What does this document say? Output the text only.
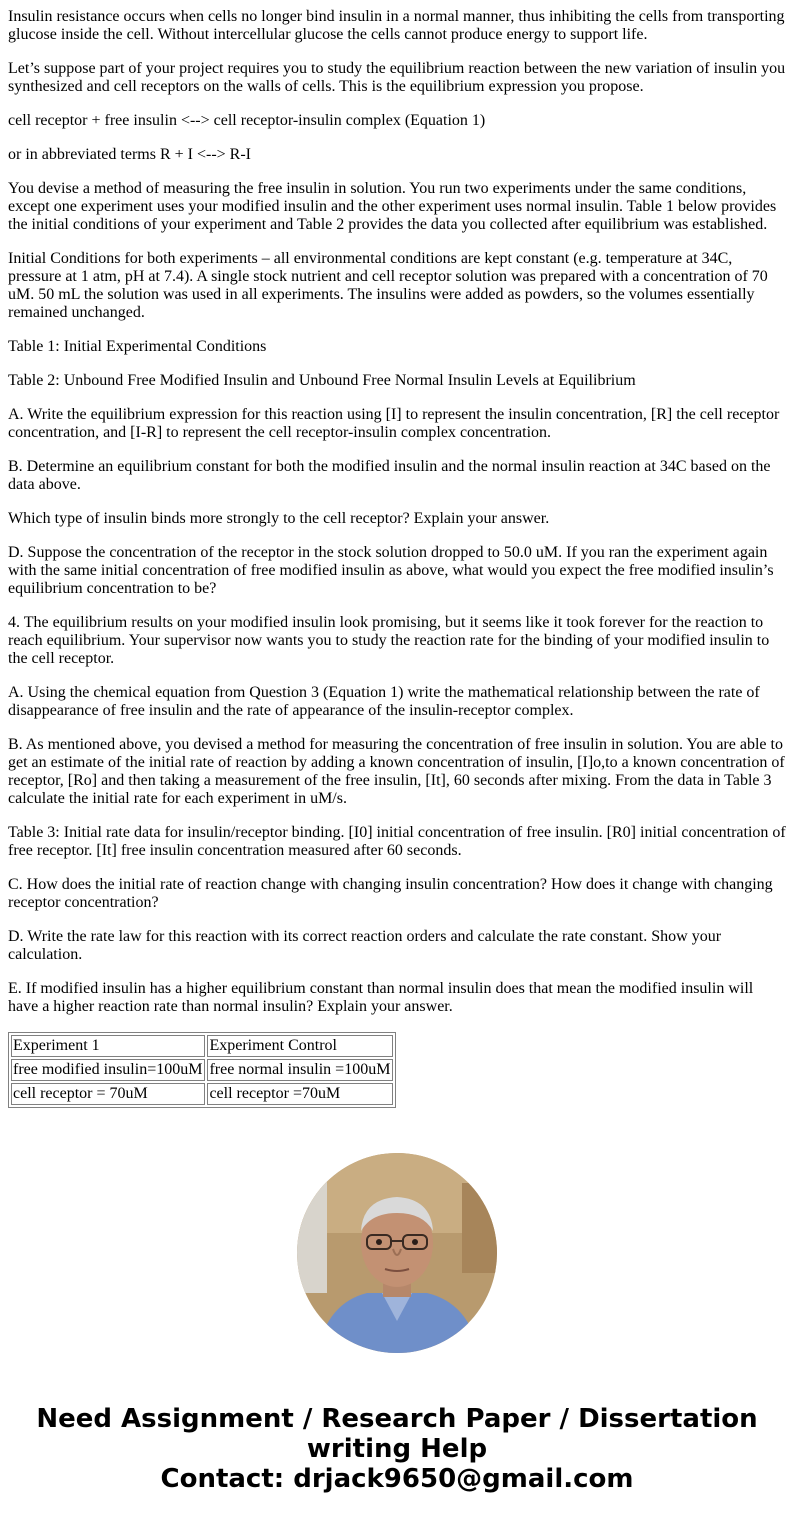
Insulin resistance occurs when cells no longer bind insulin in a normal manner, thus inhibiting the cells from transporting glucose inside the cell. Without intercellular glucose the cells cannot produce energy to support life.

Let’s suppose part of your project requires you to study the equilibrium reaction between the new variation of insulin you synthesized and cell receptors on the walls of cells. This is the equilibrium expression you propose.

cell receptor + free insulin <--> cell receptor-insulin complex (Equation 1)

or in abbreviated terms R + I <--> R-I

You devise a method of measuring the free insulin in solution. You run two experiments under the same conditions, except one experiment uses your modified insulin and the other experiment uses normal insulin. Table 1 below provides the initial conditions of your experiment and Table 2 provides the data you collected after equilibrium was established.

Initial Conditions for both experiments – all environmental conditions are kept constant (e.g. temperature at 34C, pressure at 1 atm, pH at 7.4). A single stock nutrient and cell receptor solution was prepared with a concentration of 70 uM. 50 mL the solution was used in all experiments. The insulins were added as powders, so the volumes essentially remained unchanged.

Table 1: Initial Experimental Conditions

Table 2: Unbound Free Modified Insulin and Unbound Free Normal Insulin Levels at Equilibrium

A. Write the equilibrium expression for this reaction using [I] to represent the insulin concentration, [R] the cell receptor concentration, and [I-R] to represent the cell receptor-insulin complex concentration.

B. Determine an equilibrium constant for both the modified insulin and the normal insulin reaction at 34C based on the data above.

Which type of insulin binds more strongly to the cell receptor? Explain your answer.

D. Suppose the concentration of the receptor in the stock solution dropped to 50.0 uM. If you ran the experiment again with the same initial concentration of free modified insulin as above, what would you expect the free modified insulin’s equilibrium concentration to be?

4. The equilibrium results on your modified insulin look promising, but it seems like it took forever for the reaction to reach equilibrium. Your supervisor now wants you to study the reaction rate for the binding of your modified insulin to the cell receptor.

A. Using the chemical equation from Question 3 (Equation 1) write the mathematical relationship between the rate of disappearance of free insulin and the rate of appearance of the insulin-receptor complex.

B. As mentioned above, you devised a method for measuring the concentration of free insulin in solution. You are able to get an estimate of the initial rate of reaction by adding a known concentration of insulin, [I]o,to a known concentration of receptor, [Ro] and then taking a measurement of the free insulin, [It], 60 seconds after mixing. From the data in Table 3 calculate the initial rate for each experiment in uM/s.

Table 3: Initial rate data for insulin/receptor binding. [I0] initial concentration of free insulin. [R0] initial concentration of free receptor. [It] free insulin concentration measured after 60 seconds.

C. How does the initial rate of reaction change with changing insulin concentration? How does it change with changing receptor concentration?

D. Write the rate law for this reaction with its correct reaction orders and calculate the rate constant. Show your calculation.

E. If modified insulin has a higher equilibrium constant than normal insulin does that mean the modified insulin will have a higher reaction rate than normal insulin? Explain your answer.

Experiment 1	Experiment Control
free modified insulin=100uM	free normal insulin =100uM
cell receptor = 70uM	cell receptor =70uM
Need Assignment / Research Paper / Dissertation
writing Help
Contact: drjack9650@gmail.com
